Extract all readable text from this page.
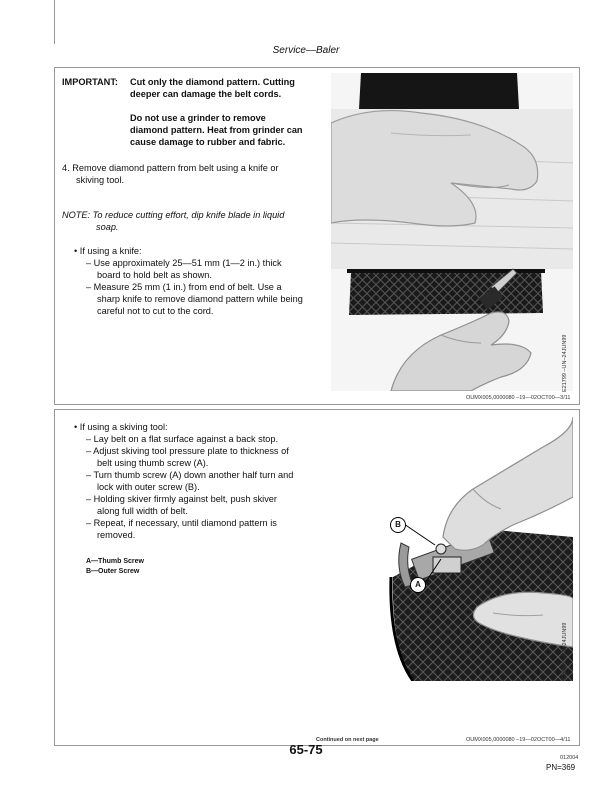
Service—Baler
IMPORTANT: Cut only the diamond pattern. Cutting
deeper can damage the belt cords.
Do not use a grinder to remove
diamond pattern. Heat from grinder can
cause damage to rubber and fabric.
4. Remove diamond pattern from belt using a knife or
skiving tool.
NOTE: To reduce cutting effort, dip knife blade in liquid
soap.
• If using a knife:
– Use approximately 25—51 mm (1—2 in.) thick
board to hold belt as shown.
– Measure 25 mm (1 in.) from end of belt. Use a
sharp knife to remove diamond pattern while being
careful not to cut to the cord.
E21799 –UN–24JUN99
OUMX005,0000080 –19—02OCT00—3/11
• If using a skiving tool:
– Lay belt on a flat surface against a back stop.
– Adjust skiving tool pressure plate to thickness of
belt using thumb screw (A).
– Turn thumb screw (A) down another half turn and
lock with outer screw (B).
– Holding skiver firmly against belt, push skiver
along full width of belt.
– Repeat, if necessary, until diamond pattern is
removed.
A—Thumb Screw
B—Outer Screw
B
A
E36823 –UN–24JUN99
Continued on next page	OUMX005,0000080 –19—02OCT00—4/11
65-75
012004
PN=369
